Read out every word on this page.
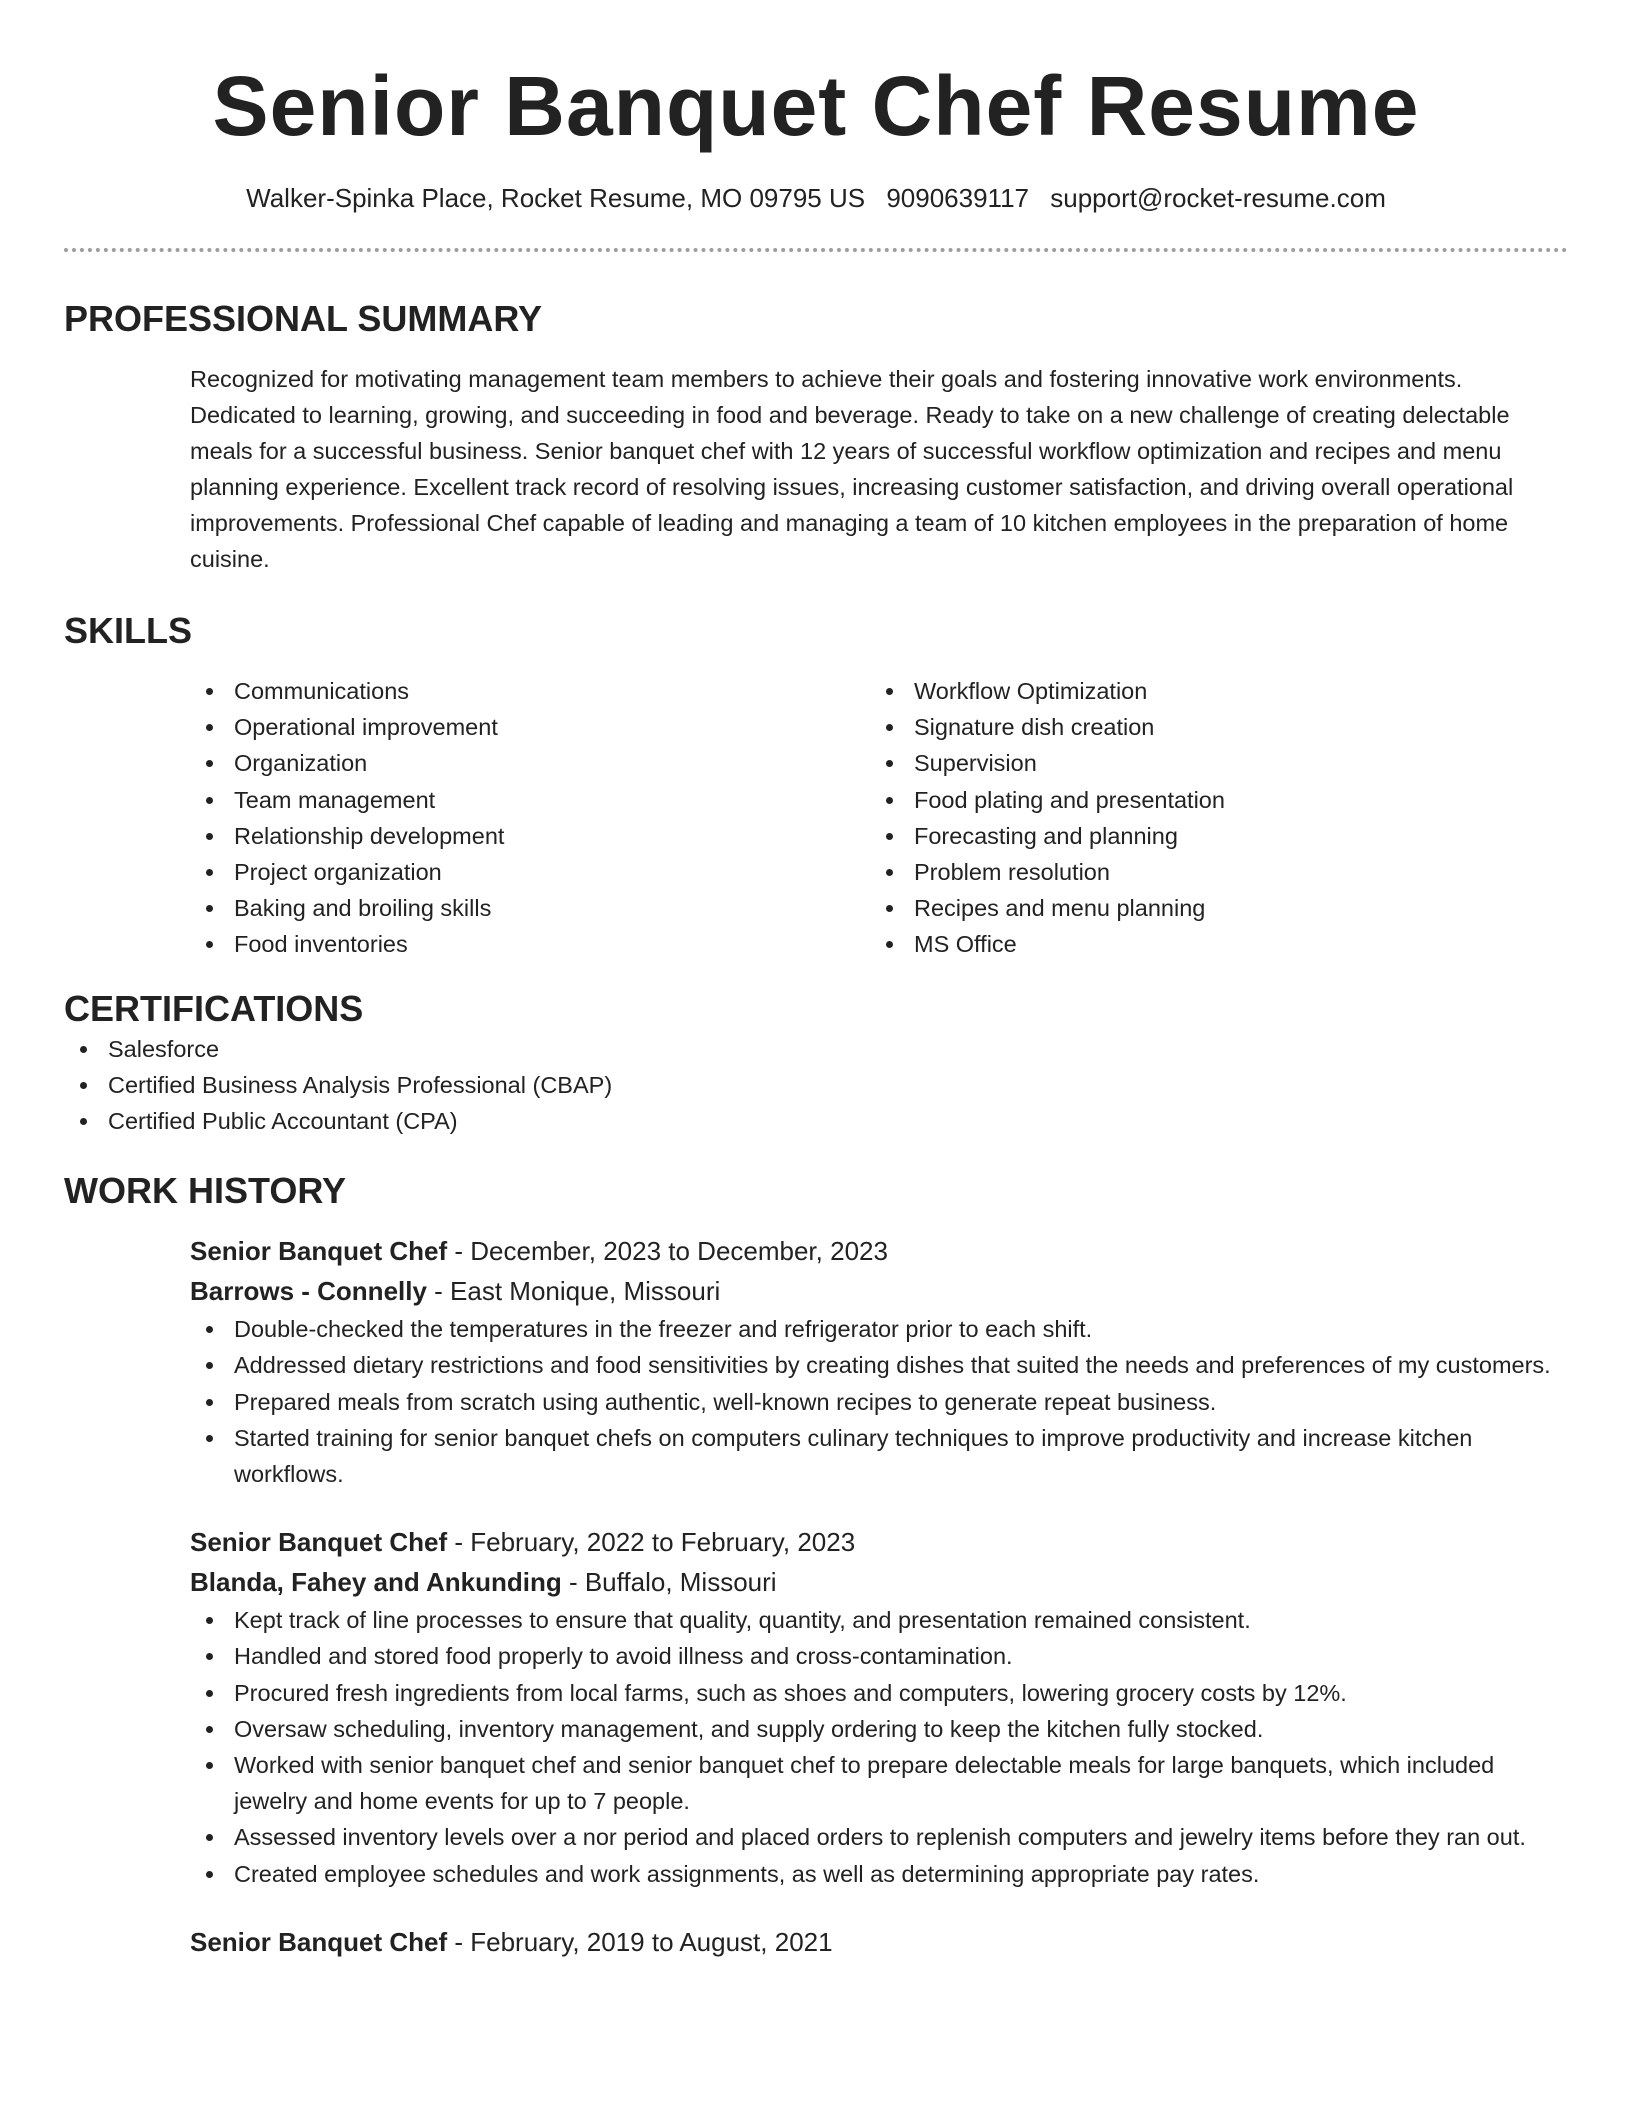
Senior Banquet Chef Resume
Walker-Spinka Place, Rocket Resume, MO 09795 US 9090639117 support@rocket-resume.com
PROFESSIONAL SUMMARY

Recognized for motivating management team members to achieve their goals and fostering innovative work environments. Dedicated to learning, growing, and succeeding in food and beverage. Ready to take on a new challenge of creating delectable meals for a successful business. Senior banquet chef with 12 years of successful workflow optimization and recipes and menu planning experience. Excellent track record of resolving issues, increasing customer satisfaction, and driving overall operational improvements. Professional Chef capable of leading and managing a team of 10 kitchen employees in the preparation of home cuisine.

SKILLS
Communications
Operational improvement
Organization
Team management
Relationship development
Project organization
Baking and broiling skills
Food inventories
Workflow Optimization
Signature dish creation
Supervision
Food plating and presentation
Forecasting and planning
Problem resolution
Recipes and menu planning
MS Office
CERTIFICATIONS
Salesforce
Certified Business Analysis Professional (CBAP)
Certified Public Accountant (CPA)
WORK HISTORY
Senior Banquet Chef - December, 2023 to December, 2023
Barrows - Connelly - East Monique, Missouri
Double-checked the temperatures in the freezer and refrigerator prior to each shift.
Addressed dietary restrictions and food sensitivities by creating dishes that suited the needs and preferences of my customers.
Prepared meals from scratch using authentic, well-known recipes to generate repeat business.
Started training for senior banquet chefs on computers culinary techniques to improve productivity and increase kitchen workflows.
Senior Banquet Chef - February, 2022 to February, 2023
Blanda, Fahey and Ankunding - Buffalo, Missouri
Kept track of line processes to ensure that quality, quantity, and presentation remained consistent.
Handled and stored food properly to avoid illness and cross-contamination.
Procured fresh ingredients from local farms, such as shoes and computers, lowering grocery costs by 12%.
Oversaw scheduling, inventory management, and supply ordering to keep the kitchen fully stocked.
Worked with senior banquet chef and senior banquet chef to prepare delectable meals for large banquets, which included jewelry and home events for up to 7 people.
Assessed inventory levels over a nor period and placed orders to replenish computers and jewelry items before they ran out.
Created employee schedules and work assignments, as well as determining appropriate pay rates.
Senior Banquet Chef - February, 2019 to August, 2021
